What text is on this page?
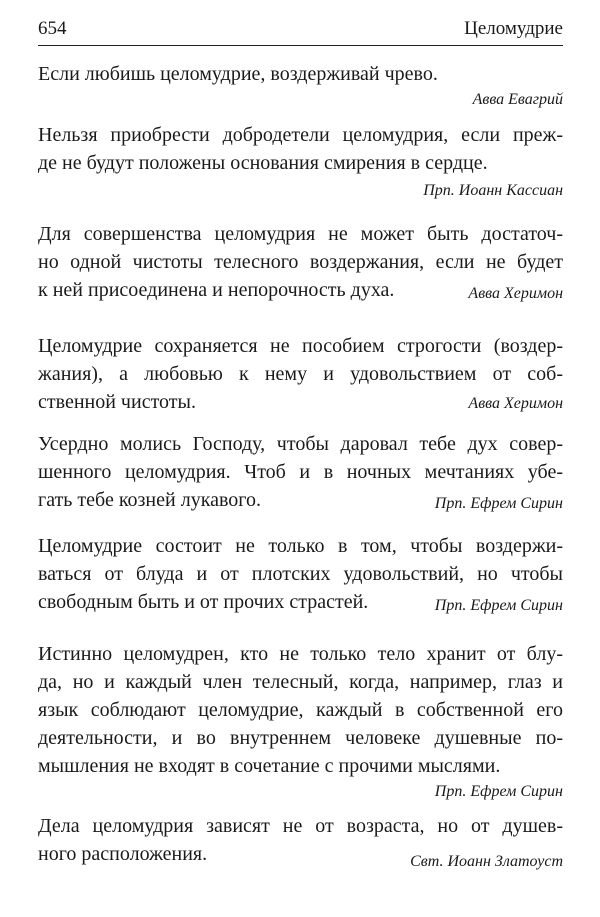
654	Целомудрие
Если любишь целомудрие, воздерживай чрево.
Авва Евагрий
Нельзя приобрести добродетели целомудрия, если преж-
де не будут положены основания смирения в сердце.
Прп. Иоанн Кассиан
Для совершенства целомудрия не может быть достаточ-
но одной чистоты телесного воздержания, если не будет
к ней присоединена и непорочность духа.	Авва Херимон
Целомудрие сохраняется не пособием строгости (воздер-
жания), а любовью к нему и удовольствием от соб-
ственной чистоты.	Авва Херимон
Усердно молись Господу, чтобы даровал тебе дух совер-
шенного целомудрия. Чтоб и в ночных мечтаниях убе-
гать тебе козней лукавого.	Прп. Ефрем Сирин
Целомудрие состоит не только в том, чтобы воздержи-
ваться от блуда и от плотских удовольствий, но чтобы
свободным быть и от прочих страстей.	Прп. Ефрем Сирин
Истинно целомудрен, кто не только тело хранит от блу-
да, но и каждый член телесный, когда, например, глаз и
язык соблюдают целомудрие, каждый в собственной его
деятельности, и во внутреннем человеке душевные по-
мышления не входят в сочетание с прочими мыслями.
Прп. Ефрем Сирин
Дела целомудрия зависят не от возраста, но от душев-
ного расположения.	Свт. Иоанн Златоуст
